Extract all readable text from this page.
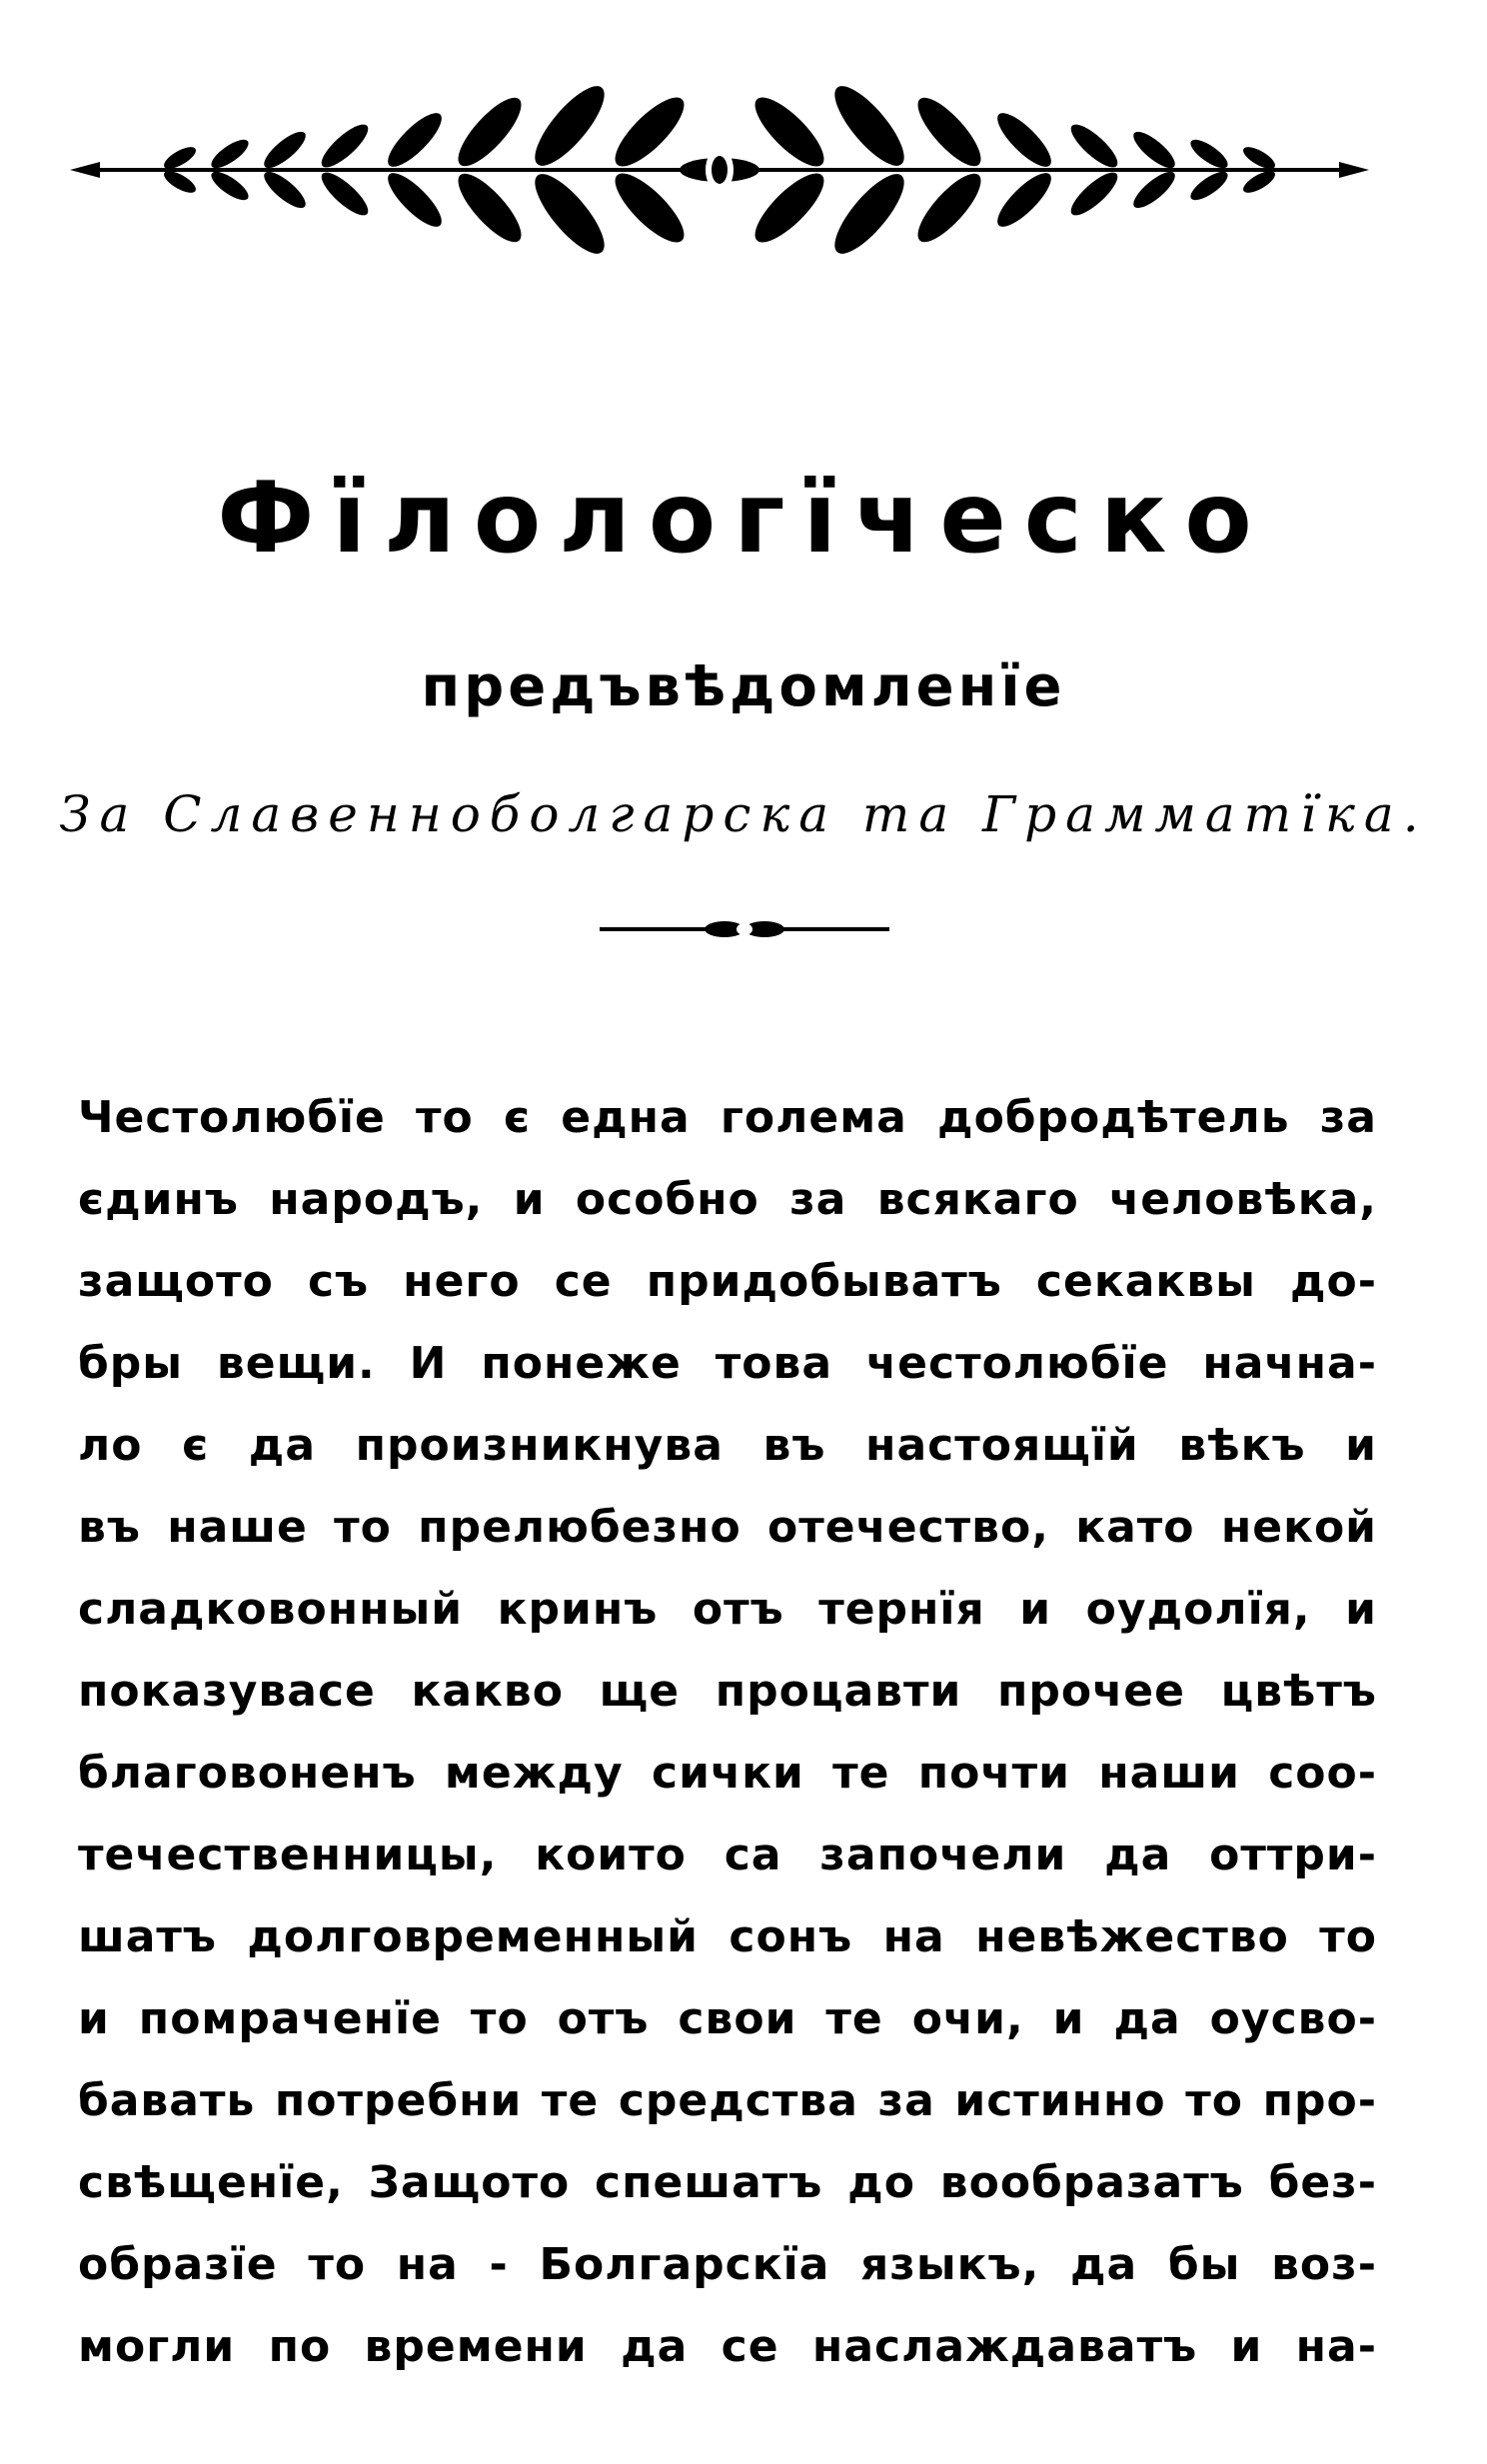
Фїлологїческо
предъвѣдомленїе
За Славенноболгарска та Грамматїка.
Честолюбїе то є една голема добродѣтель за
єдинъ народъ, и особно за всякаго человѣка,
защото съ него се придобыватъ секаквы до-
бры вещи. И понеже това честолюбїе начна-
ло є да произникнува въ настоящїй вѣкъ и
въ наше то прелюбезно отечество, като некой
сладковонный кринъ отъ тернїя и оудолїя, и
показувасе какво ще процавти прочее цвѣтъ
благовоненъ между сички те почти наши соо-
течественницы, които са започели да оттри-
шатъ долговременный сонъ на невѣжество то
и помраченїе то отъ свои те очи, и да оусво-
бавать потребни те средства за истинно то про-
свѣщенїе, Защото спешатъ до вообразатъ без-
образїе то на - Болгарскїа языкъ, да бы воз-
могли по времени да се наслаждаватъ и на-
